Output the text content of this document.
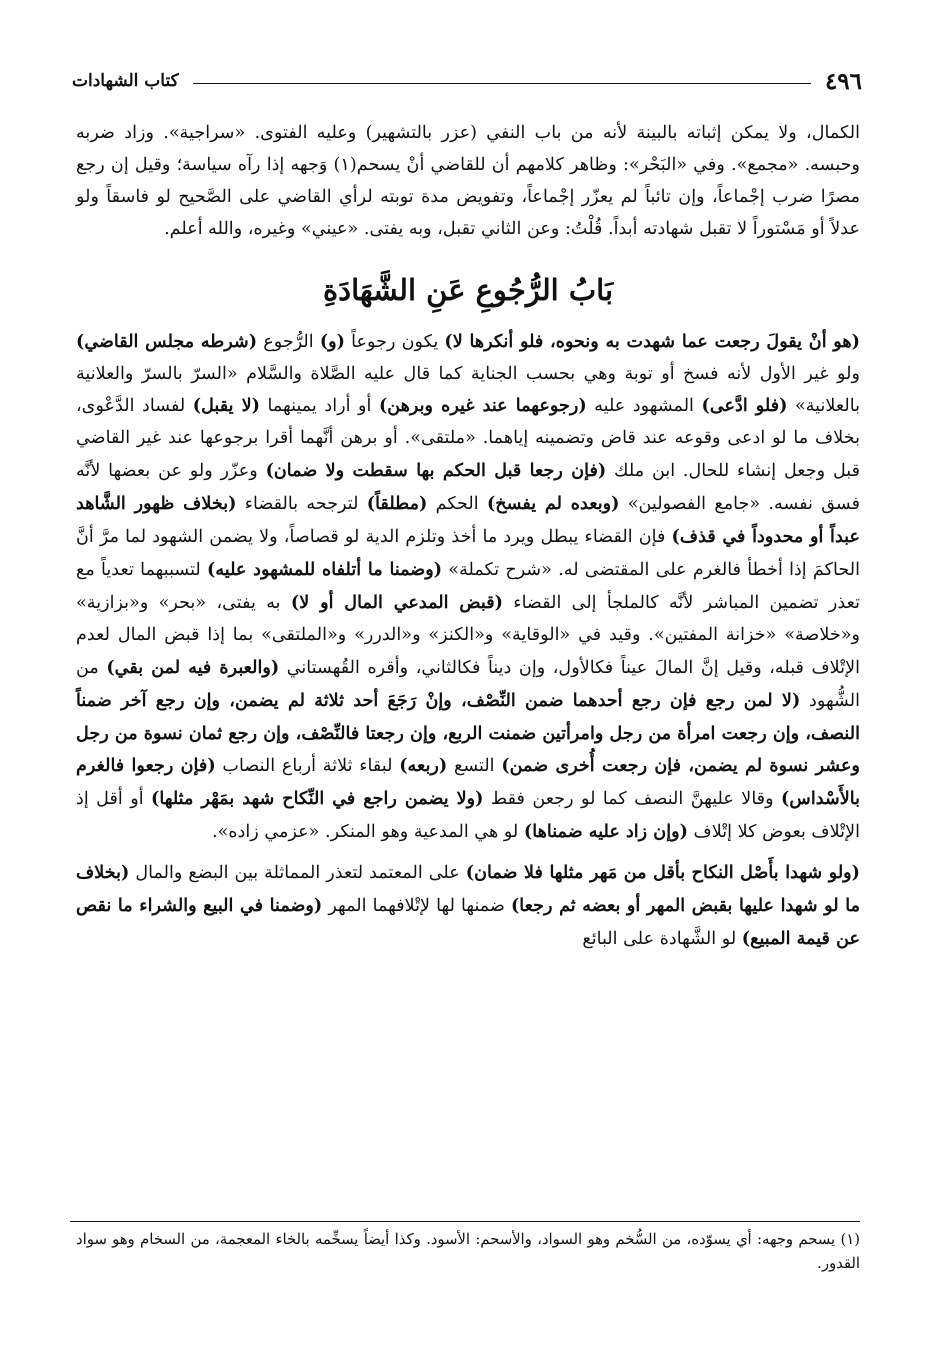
٤٩٦
كتاب الشهادات

الكمال، ولا يمكن إثباته بالبينة لأنه من باب النفي (عزر بالتشهير) وعليه الفتوى. «سراجية». وزاد ضربه وحبسه. «مجمع». وفي «البَحْر»: وظاهر كلامهم أن للقاضي أنْ يسحم(١) وَجهه إذا رآه سياسة؛ وقيل إن رجع مصرًا ضرب إجْماعاً، وإن تائباً لم يعزّر إجْماعاً، وتفويض مدة توبته لرأي القاضي على الصَّحيح لو فاسقاً ولو عدلاً أو مَسْتوراً لا تقبل شهادته أبداً. قُلْتُ: وعن الثاني تقبل، وبه يفتى. «عيني» وغيره، والله أعلم.

بَابُ الرُّجُوعِ عَنِ الشَّهَادَةِ

(هو أنْ يقولَ رجعت عما شهدت به ونحوه، فلو أنكرها لا) يكون رجوعاً (و) الرُّجوع (شرطه مجلس القاضي) ولو غير الأول لأنه فسخ أو توبة وهي بحسب الجناية كما قال عليه الصَّلاة والسَّلام «السرّ بالسرّ والعلانية بالعلانية» (فلو ادَّعى) المشهود عليه (رجوعهما عند غيره وبرهن) أو أراد يمينهما (لا يقبل) لفساد الدَّعْوى، بخلاف ما لو ادعى وقوعه عند قاض وتضمينه إياهما. «ملتقى». أو برهن أنَّهما أقرا برجوعها عند غير القاضي قبل وجعل إنشاء للحال. ابن ملك (فإن رجعا قبل الحكم بها سقطت ولا ضمان) وعزّر ولو عن بعضها لأنَّه فسق نفسه. «جامع الفصولين» (وبعده لم يفسخ) الحكم (مطلقاً) لترجحه بالقضاء (بخلاف ظهور الشَّاهد عبداً أو محدوداً في قذف) فإن القضاء يبطل ويرد ما أخذ وتلزم الدية لو قصاصاً، ولا يضمن الشهود لما مرَّ أنَّ الحاكمَ إذا أخطأ فالغرم على المقتضى له. «شرح تكملة» (وضمنا ما أتلفاه للمشهود عليه) لتسببهما تعدياً مع تعذر تضمين المباشر لأنَّه كالملجأ إلى القضاء (قبض المدعي المال أو لا) به يفتى، «بحر» و«بزازية» و«خلاصة» «خزانة المفتين». وقيد في «الوقاية» و«الكنز» و«الدرر» و«الملتقى» بما إذا قبض المال لعدم الإتْلاف قبله، وقيل إنَّ المالَ عيناً فكالأول، وإن ديناً فكالثاني، وأقره القُهستاني (والعبرة فيه لمن بقي) من الشُّهود (لا لمن رجع فإن رجع أحدهما ضمن النِّصْف، وإنْ رَجَعَ أحد ثلاثة لم يضمن، وإن رجع آخر ضمناً النصف، وإن رجعت امرأة من رجل وامرأتين ضمنت الربع، وإن رجعتا فالنِّصْف، وإن رجع ثمان نسوة من رجل وعشر نسوة لم يضمن، فإن رجعت أُخرى ضمن) التسع (ربعه) لبقاء ثلاثة أرباع النصاب (فإن رجعوا فالغرم بالأَسْداس) وقالا عليهنَّ النصف كما لو رجعن فقط (ولا يضمن راجع في النِّكاح شهد بمَهْر مثلها) أو أقل إذ الإتْلاف بعوض كلا إتْلاف (وإن زاد عليه ضمناها) لو هي المدعية وهو المنكر. «عزمي زاده».

(ولو شهدا بأَصْل النكاح بأقل من مَهر مثلها فلا ضمان) على المعتمد لتعذر المماثلة بين البضع والمال (بخلاف ما لو شهدا عليها بقبض المهر أو بعضه ثم رجعا) ضمنها لها لإتْلافهما المهر (وضمنا في البيع والشراء ما نقص عن قيمة المبيع) لو الشَّهادة على البائع

(١) يسحم وجهه: أي يسوّده، من السُّخم وهو السواد، والأسحم: الأسود. وكذا أيضاً يسخِّمه بالخاء المعجمة، من السخام وهو سواد القدور.
